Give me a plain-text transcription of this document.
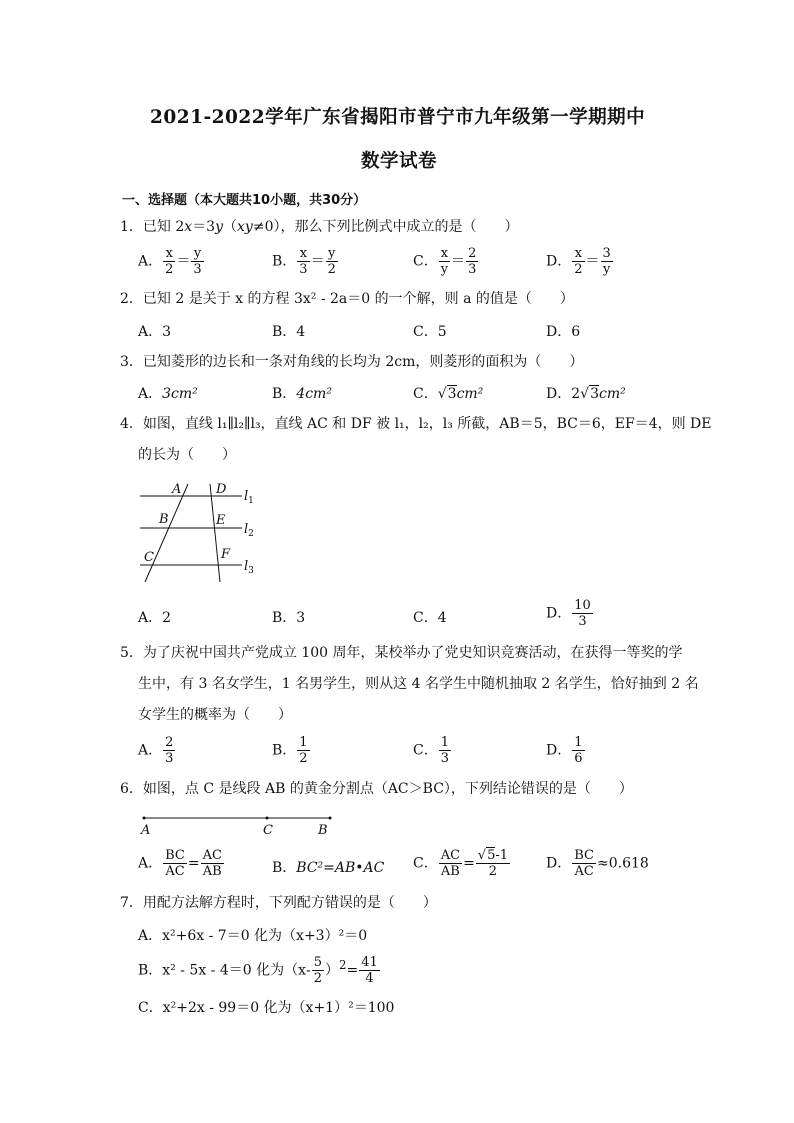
2021-2022学年广东省揭阳市普宁市九年级第一学期期中
数学试卷
一、选择题（本大题共10小题，共30分）
1．已知 2x＝3y（xy≠0），那么下列比例式中成立的是（　　）
A． $\frac{x}{2} = \frac{y}{3}$	B． $\frac{x}{3} = \frac{y}{2}$	C． $\frac{x}{y} = \frac{2}{3}$	D． $\frac{x}{2} = \frac{3}{y}$
2．已知 2 是关于 x 的方程 3x² ‐ 2a＝0 的一个解，则 a 的值是（　　）
A．3	B．4	C．5	D．6
3．已知菱形的边长和一条对角线的长均为 2cm，则菱形的面积为（　　）
A．3cm²	B．4cm²	C．√3cm²	D．2√3cm²
4．如图，直线 l₁∥l₂∥l₃，直线 AC 和 DF 被 l₁，l₂，l₃ 所截，AB＝5，BC＝6，EF＝4，则 DE
的长为（　　）
A	D
B	E
C	F
$l_1$
$l_2$
$l_3$
A．2	B．3	C．4	D． $\frac{10}{3}$
5．为了庆祝中国共产党成立 100 周年，某校举办了党史知识竞赛活动，在获得一等奖的学
生中，有 3 名女学生，1 名男学生，则从这 4 名学生中随机抽取 2 名学生，恰好抽到 2 名
女学生的概率为（　　）
A． $\frac{2}{3}$	B． $\frac{1}{2}$	C． $\frac{1}{3}$	D． $\frac{1}{6}$
6．如图，点 C 是线段 AB 的黄金分割点（AC＞BC），下列结论错误的是（　　）
A	C	B
A． $\frac{BC}{AC} = \frac{AC}{AB}$	B．BC²=AB•AC C． $\frac{AC}{AB} = \frac{√5‐1}{2}$	D． $\frac{BC}{AC} \approx 0.618$
7．用配方法解方程时，下列配方错误的是（　　）
A．x²+6x ‐ 7＝0 化为（x+3）²＝0
B．x² ‐ 5x ‐ 4＝0 化为（x‐ $\frac{5}{2} )^2= \frac{41}{4}$
C．x²+2x ‐ 99＝0 化为（x+1）²＝100
